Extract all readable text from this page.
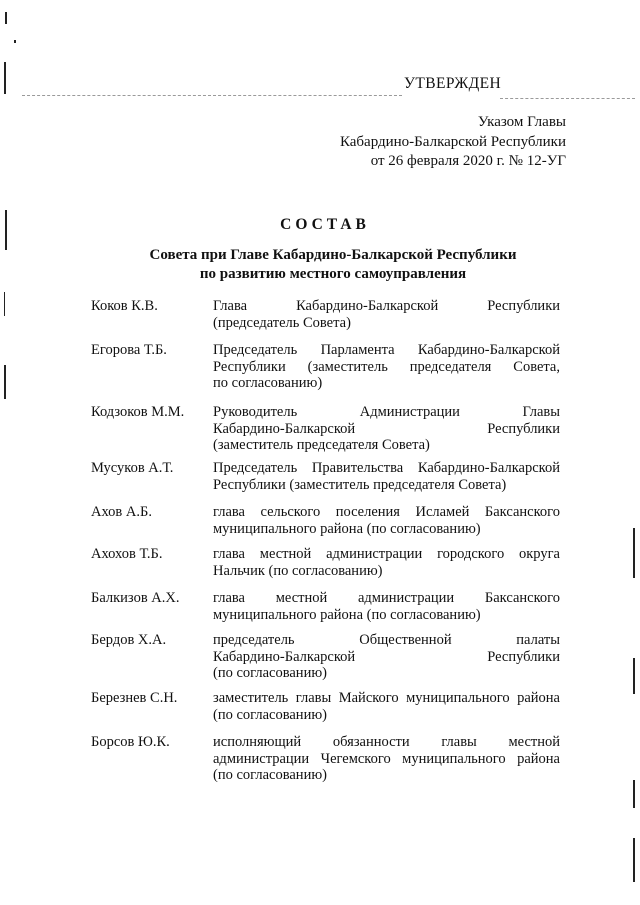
УТВЕРЖДЕН
Указом Главы
Кабардино-Балкарской Республики
от 26 февраля 2020 г. № 12-УГ
СОСТАВ
Совета при Главе Кабардино-Балкарской Республики
по развитию местного самоуправления
Коков К.В.	Глава Кабардино-Балкарской Республики
(председатель Совета)
Егорова Т.Б.	Председатель Парламента Кабардино-Балкарской
Республики (заместитель председателя Совета,
по согласованию)
Кодзоков М.М.	Руководитель Администрации Главы
Кабардино-Балкарской Республики
(заместитель председателя Совета)
Мусуков А.Т.	Председатель Правительства Кабардино-Балкарской
Республики (заместитель председателя Совета)
Ахов А.Б.	глава сельского поселения Исламей Баксанского
муниципального района (по согласованию)
Ахохов Т.Б.	глава местной администрации городского округа
Нальчик (по согласованию)
Балкизов А.Х.	глава местной администрации Баксанского
муниципального района (по согласованию)
Бердов Х.А.	председатель Общественной палаты
Кабардино-Балкарской Республики
(по согласованию)
Березнев С.Н.	заместитель главы Майского муниципального района
(по согласованию)
Борсов Ю.К.	исполняющий обязанности главы местной
администрации Чегемского муниципального района
(по согласованию)
